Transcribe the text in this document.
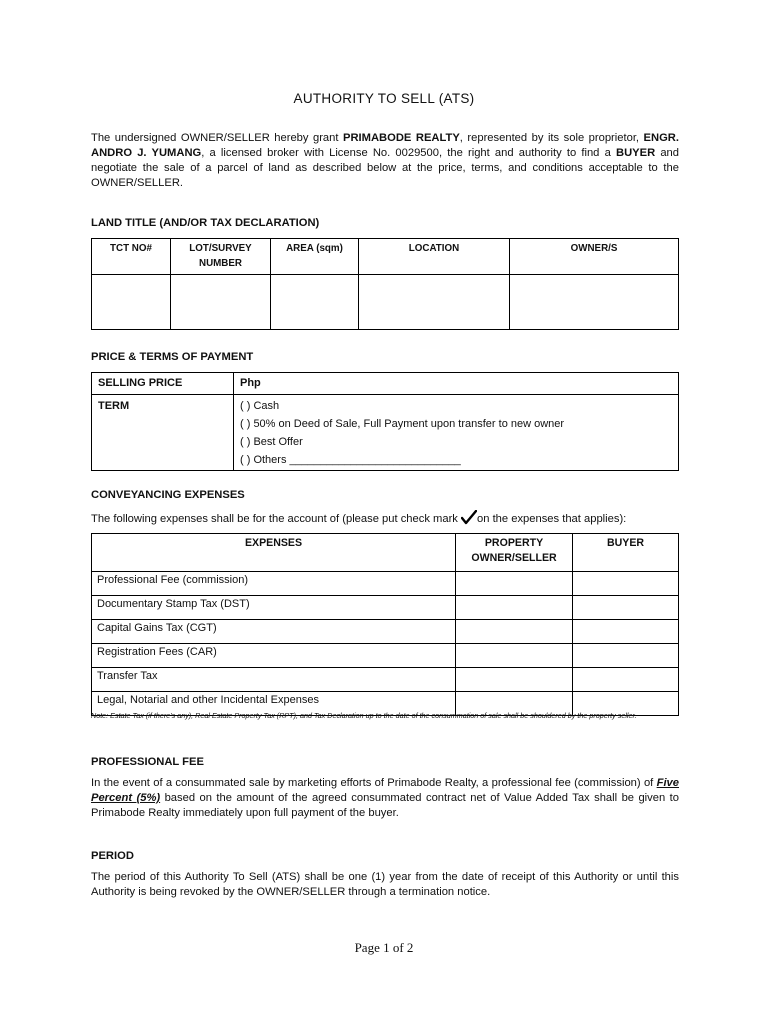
AUTHORITY TO SELL (ATS)
The undersigned OWNER/SELLER hereby grant PRIMABODE REALTY, represented by its sole proprietor, ENGR. ANDRO J. YUMANG, a licensed broker with License No. 0029500, the right and authority to find a BUYER and negotiate the sale of a parcel of land as described below at the price, terms, and conditions acceptable to the OWNER/SELLER.
LAND TITLE (AND/OR TAX DECLARATION)
TCT NO#	LOT/SURVEY NUMBER	AREA (sqm)	LOCATION	OWNER/S

PRICE & TERMS OF PAYMENT
SELLING PRICE	Php
TERM	( ) Cash
( ) 50% on Deed of Sale, Full Payment upon transfer to new owner
( ) Best Offer
( ) Others ____________________________
CONVEYANCING EXPENSES
The following expenses shall be for the account of (please put check mark on the expenses that applies):
EXPENSES	PROPERTY OWNER/SELLER	BUYER
Professional Fee (commission)		
Documentary Stamp Tax (DST)		
Capital Gains Tax (CGT)		
Registration Fees (CAR)		
Transfer Tax		
Legal, Notarial and other Incidental Expenses		
Note: Estate Tax (if there's any), Real Estate Property Tax (RPT), and Tax Declaration up to the date of the consummation of sale shall be shouldered by the property seller.
PROFESSIONAL FEE
In the event of a consummated sale by marketing efforts of Primabode Realty, a professional fee (commission) of Five Percent (5%) based on the amount of the agreed consummated contract net of Value Added Tax shall be given to Primabode Realty immediately upon full payment of the buyer.
PERIOD
The period of this Authority To Sell (ATS) shall be one (1) year from the date of receipt of this Authority or until this Authority is being revoked by the OWNER/SELLER through a termination notice.
Page 1 of 2
